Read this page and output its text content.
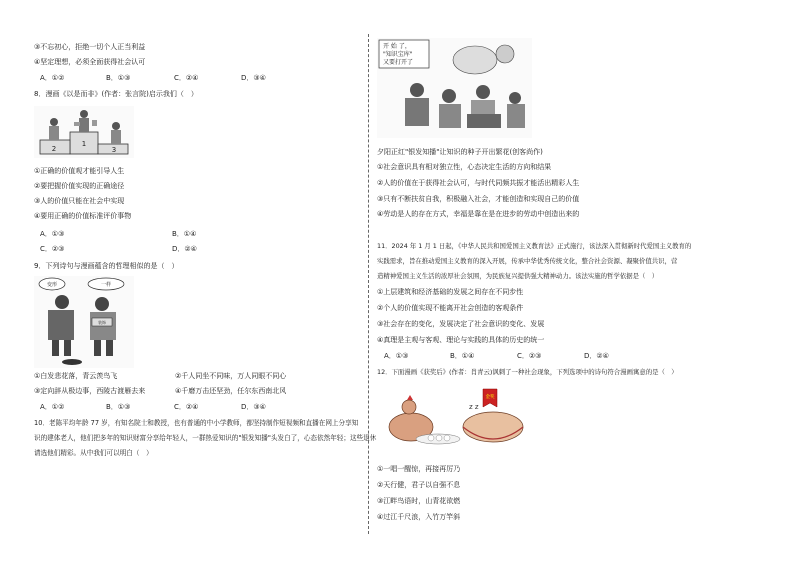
③不忘初心，拒绝一切个人正当利益
④坚定理想，必须全面获得社会认可
A．①②	B．①③	C．②④	D．③④
8．漫画《以是而非》(作者：张言院)启示我们（　）
1
2	3
①正确的价值观才能引导人生
②要把握价值实现的正确途径
③人的价值只能在社会中实现
④要用正确的价值标准评价事物
A．①③	B．①④
C．②③	D．②④
9．下列诗句与漫画蕴含的哲理相似的是（　）
变形	一样
装饰
①白发悲花落，青云羡鸟飞	②千人同坐不同味，万人同眼不同心
③定向辞从极边事，西陵古渡雁去来	④千磨万击还坚劲，任尔东西南北风
A．①②	B．①③	C．②④	D．③④
10．老陈平均年龄 77 岁，有知名院士和教授，也有普通的中小学教师，都坚持制作短视频和直播在网上分享知
识的建体老人，他们把多年的知识财富分享给年轻人，一群热爱知识的"银发知播"头发白了，心态依然年轻；这些退休
请选他们精彩。从中我们可以明白（　）
开 始 了，
"知识宝库"
又要打开了
夕阳正红"银发知播"让知识的种子开出繁花(创客尚作)
①社会意识具有相对独立性，心态决定生活的方向和结果
②人的价值在于获得社会认可，与时代同频共振才能活出精彩人生
③只有不断扶贫自我，积极融入社会，才能创造和实现自己的价值
④劳动是人的存在方式，幸福是靠在是在进步的劳动中创造出来的
11．2024 年 1 月 1 日起，《中华人民共和国爱国主义教育法》正式施行，该法深入贯彻新时代爱国主义教育的
实践需求，旨在推动爱国主义教育的深入开展，传承中华优秀传统文化，整合社会资源、凝聚价值共识，营
造精神爱国主义生活的浓厚社会氛围，为民族复兴提供强大精神动力。该法实施的哲学依据是（　）
①上层建筑和经济基础的发展之间存在不同步性
②个人的价值实现不能离开社会创造的客观条件
③社会存在的变化，发展决定了社会意识的变化、发展
④真理是主观与客观、理论与实践的具体的历史的统一
A．①③	B．①④	C．②③	D．②④
12．下面漫画《获奖后》(作者：肖青云)讽刺了一种社会现象，下列选项中的诗句符合漫画寓意的是（　）
金奖
z z
①一唱一醒惊，再接再厉乃
②天行健，君子以自强不息
③江畔鸟语时，山青花欲燃
④过江千尺浪，入竹万竿斜
